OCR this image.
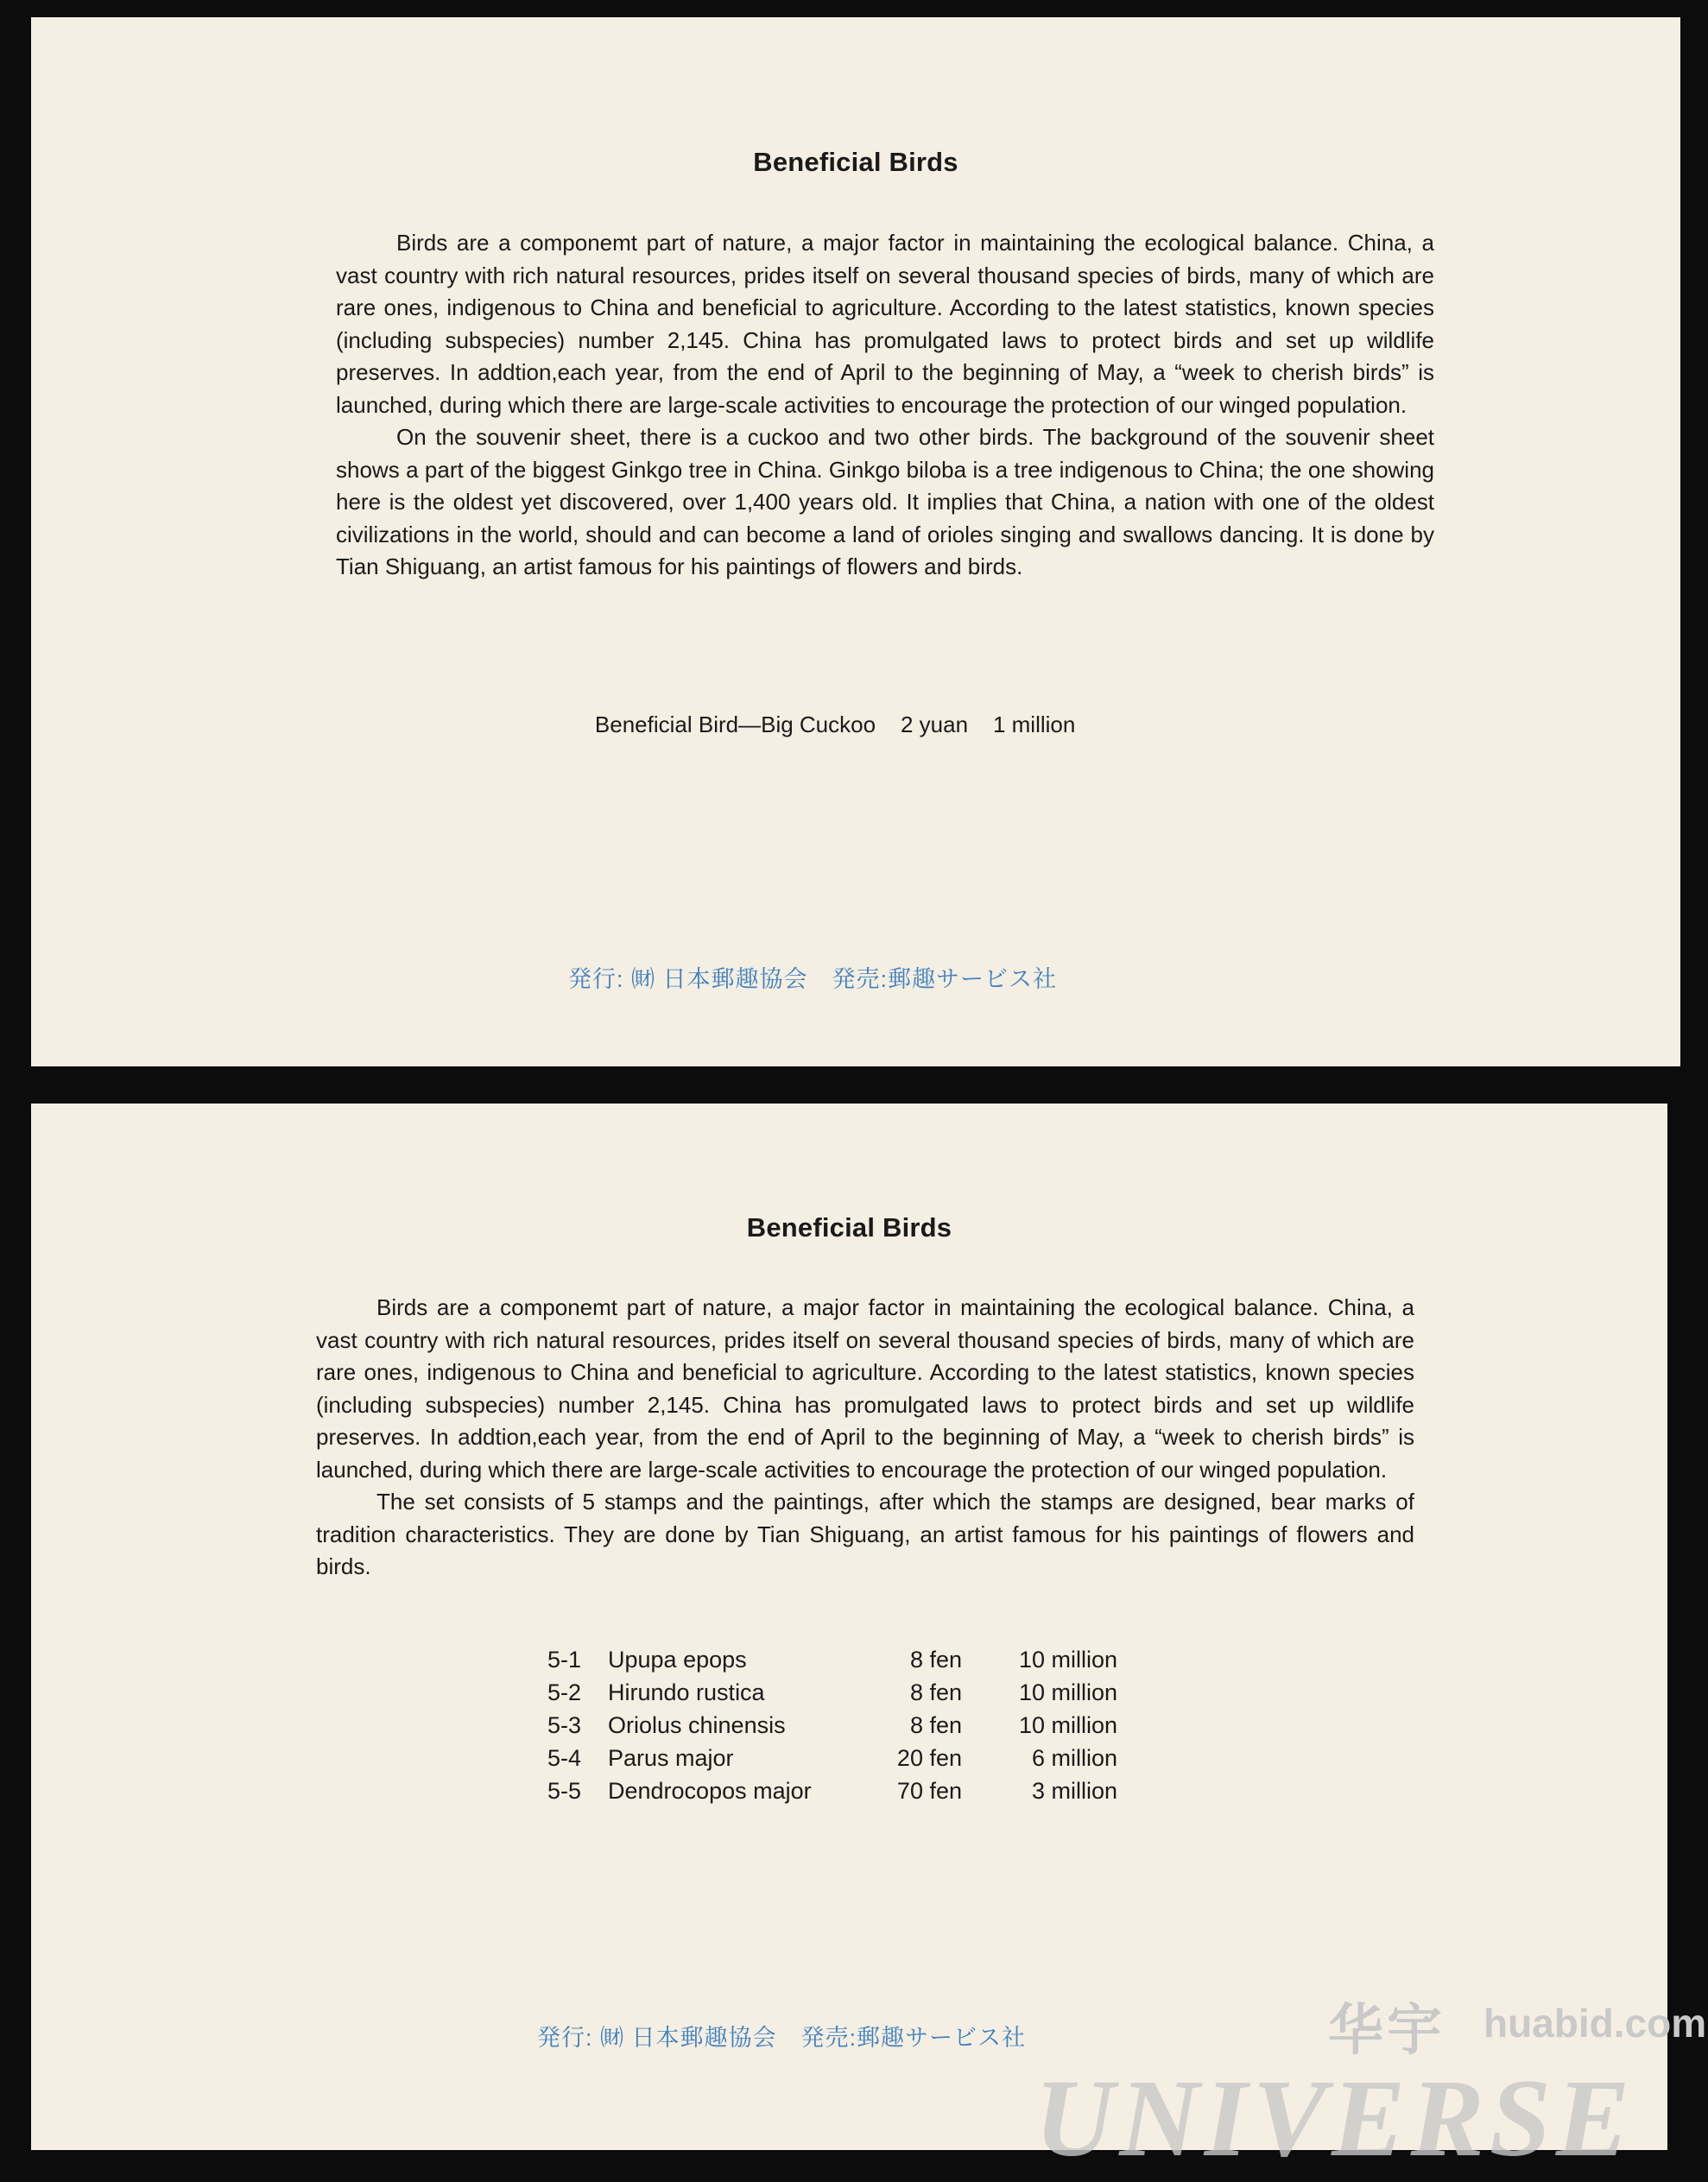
Beneficial Birds

Birds are a componemt part of nature, a major factor in maintaining the ecological balance. China, a vast country with rich natural resources, prides itself on several thousand species of birds, many of which are rare ones, indigenous to China and beneficial to agriculture. According to the latest statistics, known species (including subspecies) number 2,145. China has promulgated laws to protect birds and set up wildlife preserves. In addtion,each year, from the end of April to the beginning of May, a “week to cherish birds” is launched, during which there are large-scale activities to encourage the protection of our winged population.

On the souvenir sheet, there is a cuckoo and two other birds. The background of the souvenir sheet shows a part of the biggest Ginkgo tree in China. Ginkgo biloba is a tree indigenous to China; the one showing here is the oldest yet discovered, over 1,400 years old. It implies that China, a nation with one of the oldest civilizations in the world, should and can become a land of orioles singing and swallows dancing. It is done by Tian Shiguang, an artist famous for his paintings of flowers and birds.

Beneficial Bird—Big Cuckoo 2 yuan 1 million

発行: ㈶ 日本郵趣協会　発売:郵趣サービス社
Beneficial Birds

Birds are a componemt part of nature, a major factor in maintaining the ecological balance. China, a vast country with rich natural resources, prides itself on several thousand species of birds, many of which are rare ones, indigenous to China and beneficial to agriculture. According to the latest statistics, known species (including subspecies) number 2,145. China has promulgated laws to protect birds and set up wildlife preserves. In addtion,each year, from the end of April to the beginning of May, a “week to cherish birds” is launched, during which there are large-scale activities to encourage the protection of our winged population.

The set consists of 5 stamps and the paintings, after which the stamps are designed, bear marks of tradition characteristics. They are done by Tian Shiguang, an artist famous for his paintings of flowers and birds.

5-1	Upupa epops	8 fen	10 million
5-2	Hirundo rustica	8 fen	10 million
5-3	Oriolus chinensis	8 fen	10 million
5-4	Parus major	20 fen	6 million
5-5	Dendrocopos major	70 fen	3 million
発行: ㈶ 日本郵趣協会　発売:郵趣サービス社	华宇 huabid.com
UNIVERSE
